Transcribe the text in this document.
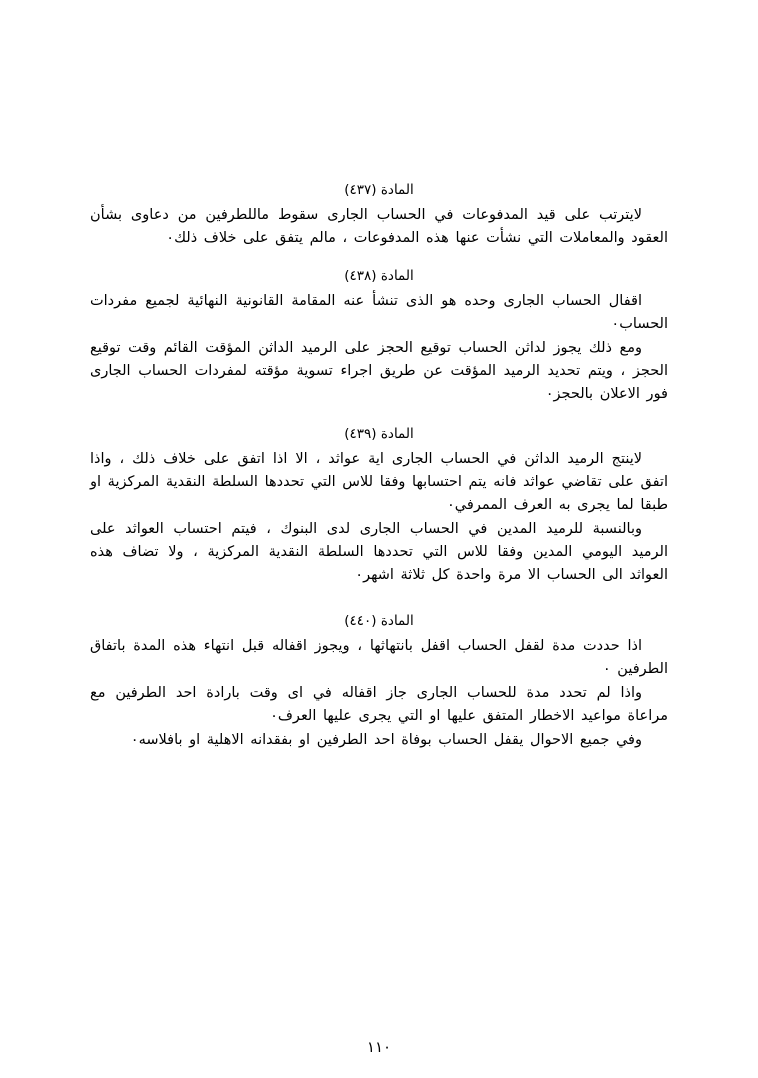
المادة (٤٣٧)

لايترتب على قيد المدفوعات في الحساب الجارى سقوط ماللطرفين من دعاوى بشأن العقود والمعاملات التي نشأت عنها هذه المدفوعات ، مالم يتفق على خلاف ذلك٠

المادة (٤٣٨)

اقفال الحساب الجارى وحده هو الذى تنشأ عنه المقامة القانونية النهائية لجميع مفردات الحساب٠

ومع ذلك يجوز لداثن الحساب توقيع الحجز على الرميد الداثن المؤقت القائم وقت توقيع الحجز ، ويتم تحديد الرميد المؤقت عن طريق اجراء تسوية مؤقته لمفردات الحساب الجارى فور الاعلان بالحجز٠

المادة (٤٣٩)

لاينتج الرميد الداثن في الحساب الجارى اية عواثد ، الا اذا اتفق على خلاف ذلك ، واذا اتفق على تقاضي عواثد فانه يتم احتسابها وفقا للاس التي تحددها السلطة النقدية المركزية او طبقا لما يجرى به العرف الممرفي٠

وبالنسبة للرميد المدين في الحساب الجارى لدى البنوك ، فيتم احتساب العواثد على الرميد اليومي المدين وفقا للاس التي تحددها السلطة النقدية المركزية ، ولا تضاف هذه العواثد الى الحساب الا مرة واحدة كل ثلاثة اشهر٠

المادة (٤٤٠)

اذا حددت مدة لقفل الحساب اقفل بانتهاثها ، ويجوز اقفاله قبل انتهاء هذه المدة باتفاق الطرفين ٠

واذا لم تحدد مدة للحساب الجارى جاز اقفاله في اى وقت بارادة احد الطرفين مع مراعاة مواعيد الاخطار المتفق عليها او التي يجرى عليها العرف٠

وفي جميع الاحوال يقفل الحساب بوفاة احد الطرفين او بفقدانه الاهلية او بافلاسه٠

١١٠
